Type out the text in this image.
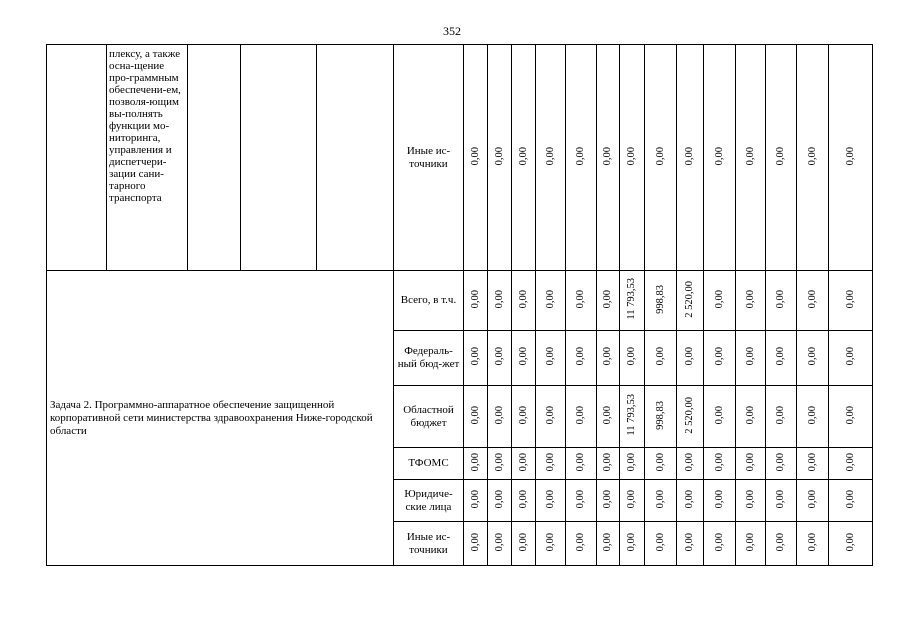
352
	плексу, а также осна-щение про-граммным обеспечени-ем, позволя-ющим вы-полнять функции мо-ниторинга, управления и диспетчери-зации сани-тарного транспорта				Иные ис-точники	0,00	0,00	0,00	0,00	0,00	0,00	0,00	0,00	0,00	0,00	0,00	0,00	0,00	0,00	
Задача 2. Программно-аппаратное обеспечение защищенной корпоративной сети министерства здравоохранения Ниже-городской области					Всего, в т.ч.	0,00	0,00	0,00	0,00	0,00	0,00	11 793,53	998,83	2 520,00	0,00	0,00	0,00	0,00	0,00	
					Федераль-ный бюд-жет	0,00	0,00	0,00	0,00	0,00	0,00	0,00	0,00	0,00	0,00	0,00	0,00	0,00	0,00	
					Областной бюджет	0,00	0,00	0,00	0,00	0,00	0,00	11 793,53	998,83	2 520,00	0,00	0,00	0,00	0,00	0,00	
					ТФОМС	0,00	0,00	0,00	0,00	0,00	0,00	0,00	0,00	0,00	0,00	0,00	0,00	0,00	0,00	
					Юридиче-ские лица	0,00	0,00	0,00	0,00	0,00	0,00	0,00	0,00	0,00	0,00	0,00	0,00	0,00	0,00	
					Иные ис-точники	0,00	0,00	0,00	0,00	0,00	0,00	0,00	0,00	0,00	0,00	0,00	0,00	0,00	0,00	
